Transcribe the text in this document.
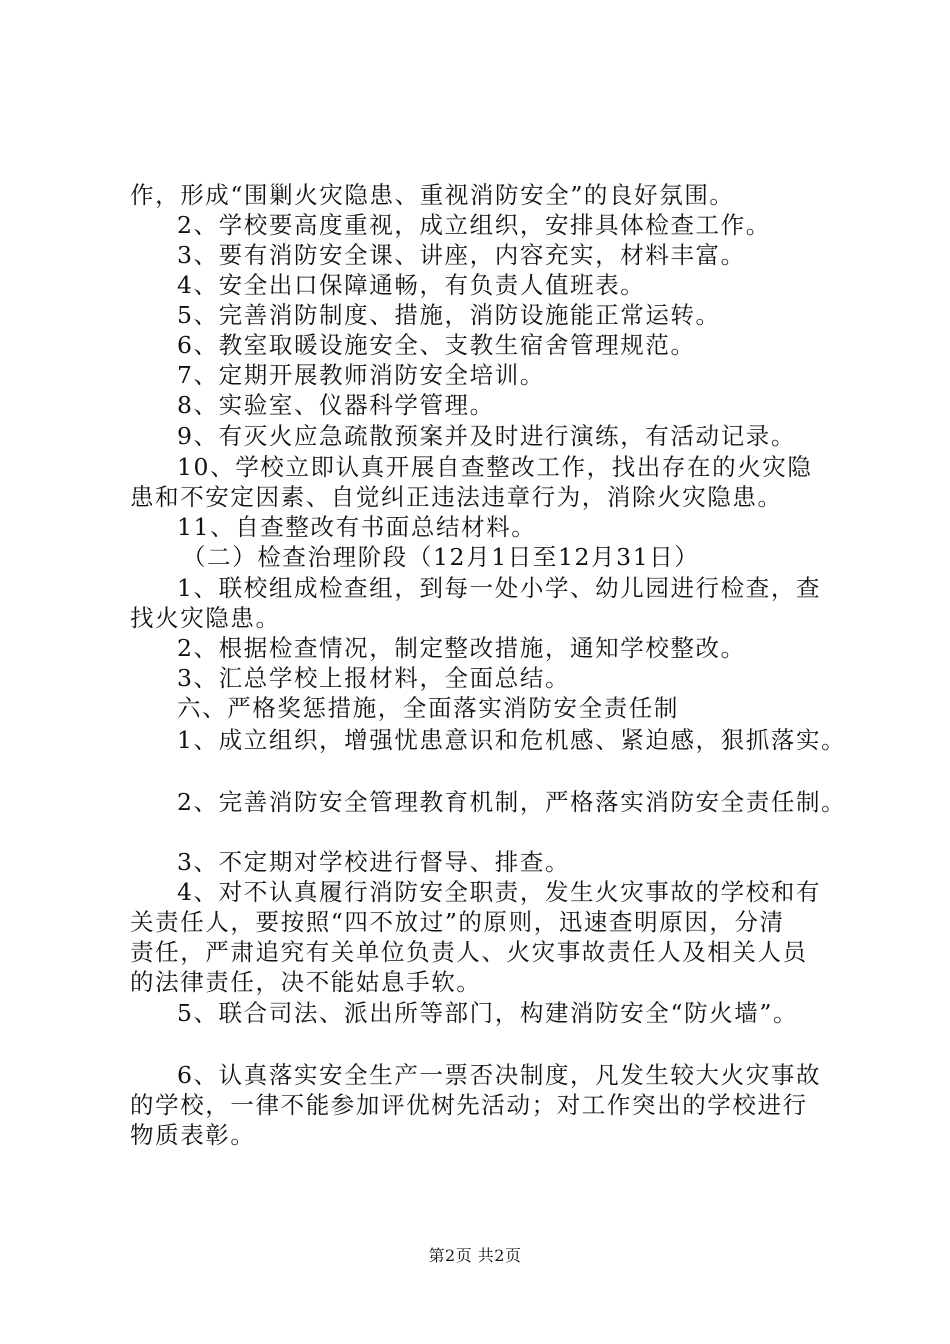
作，形成“围剿火灾隐患、重视消防安全”的良好氛围。
2、学校要高度重视，成立组织，安排具体检查工作。
3、要有消防安全课、讲座，内容充实，材料丰富。
4、安全出口保障通畅，有负责人值班表。
5、完善消防制度、措施，消防设施能正常运转。
6、教室取暖设施安全、支教生宿舍管理规范。
7、定期开展教师消防安全培训。
8、实验室、仪器科学管理。
9、有灭火应急疏散预案并及时进行演练，有活动记录。
10、学校立即认真开展自查整改工作，找出存在的火灾隐
患和不安定因素、自觉纠正违法违章行为，消除火灾隐患。
11、自查整改有书面总结材料。
（二）检查治理阶段（12月1日至12月31日）
1、联校组成检查组，到每一处小学、幼儿园进行检查，查
找火灾隐患。
2、根据检查情况，制定整改措施，通知学校整改。
3、汇总学校上报材料，全面总结。
六、严格奖惩措施，全面落实消防安全责任制
1、成立组织，增强忧患意识和危机感、紧迫感，狠抓落实。
2、完善消防安全管理教育机制，严格落实消防安全责任制。
3、不定期对学校进行督导、排查。
4、对不认真履行消防安全职责，发生火灾事故的学校和有
关责任人，要按照“四不放过”的原则，迅速查明原因，分清
责任，严肃追究有关单位负责人、火灾事故责任人及相关人员
的法律责任，决不能姑息手软。
5、联合司法、派出所等部门，构建消防安全“防火墙”。
6、认真落实安全生产一票否决制度，凡发生较大火灾事故
的学校，一律不能参加评优树先活动；对工作突出的学校进行
物质表彰。
第2页 共2页
